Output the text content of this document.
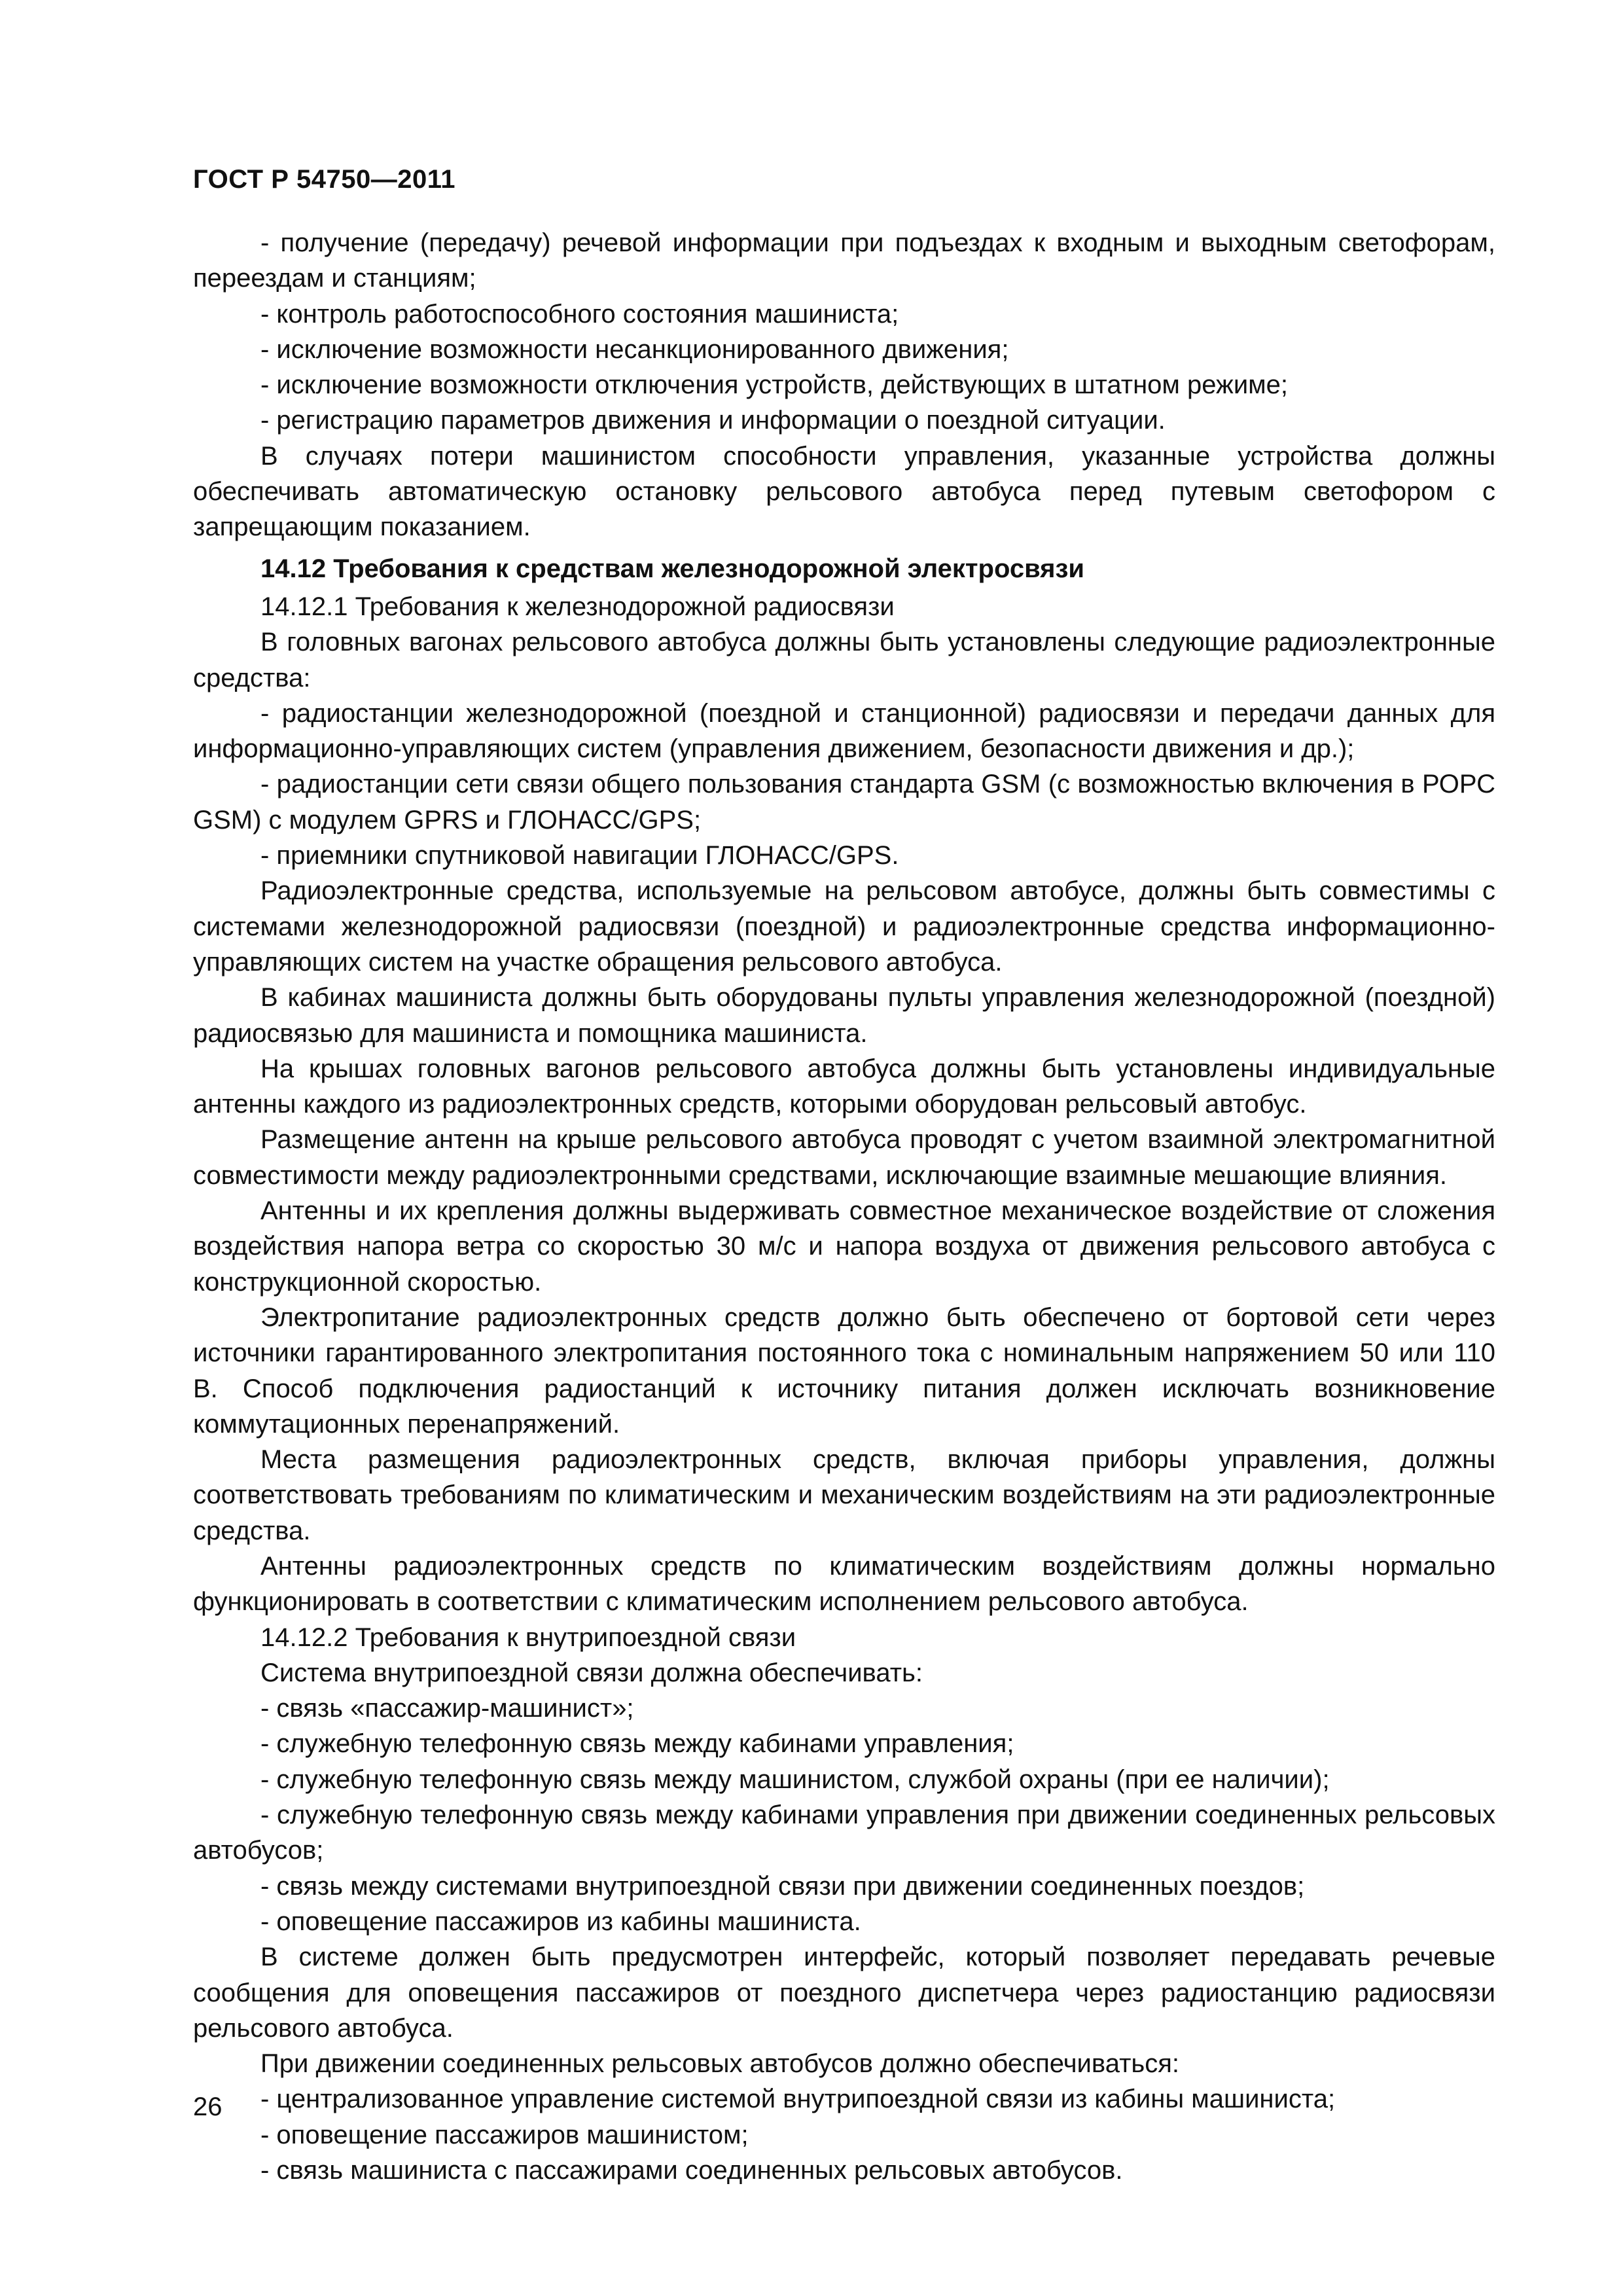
ГОСТ Р 54750—2011

- получение (передачу) речевой информации при подъездах к входным и выходным светофорам, переездам и станциям;

- контроль работоспособного состояния машиниста;

- исключение возможности несанкционированного движения;

- исключение возможности отключения устройств, действующих в штатном режиме;

- регистрацию параметров движения и информации о поездной ситуации.

В случаях потери машинистом способности управления, указанные устройства должны обеспечивать автоматическую остановку рельсового автобуса перед путевым светофором с запрещающим показанием.

14.12 Требования к средствам железнодорожной электросвязи

14.12.1 Требования к железнодорожной радиосвязи

В головных вагонах рельсового автобуса должны быть установлены следующие радиоэлектронные средства:

- радиостанции железнодорожной (поездной и станционной) радиосвязи и передачи данных для информационно-управляющих систем (управления движением, безопасности движения и др.);

- радиостанции сети связи общего пользования стандарта GSM (с возможностью включения в РОРС GSM) с модулем GPRS и ГЛОНАСС/GPS;

- приемники спутниковой навигации ГЛОНАСС/GPS.

Радиоэлектронные средства, используемые на рельсовом автобусе, должны быть совместимы с системами железнодорожной радиосвязи (поездной) и радиоэлектронные средства информационно-управляющих систем на участке обращения рельсового автобуса.

В кабинах машиниста должны быть оборудованы пульты управления железнодорожной (поездной) радиосвязью для машиниста и помощника машиниста.

На крышах головных вагонов рельсового автобуса должны быть установлены индивидуальные антенны каждого из радиоэлектронных средств, которыми оборудован рельсовый автобус.

Размещение антенн на крыше рельсового автобуса проводят с учетом взаимной электромагнитной совместимости между радиоэлектронными средствами, исключающие взаимные мешающие влияния.

Антенны и их крепления должны выдерживать совместное механическое воздействие от сложения воздействия напора ветра со скоростью 30 м/с и напора воздуха от движения рельсового автобуса с конструкционной скоростью.

Электропитание радиоэлектронных средств должно быть обеспечено от бортовой сети через источники гарантированного электропитания постоянного тока с номинальным напряжением 50 или 110 В. Способ подключения радиостанций к источнику питания должен исключать возникновение коммутационных перенапряжений.

Места размещения радиоэлектронных средств, включая приборы управления, должны соответствовать требованиям по климатическим и механическим воздействиям на эти радиоэлектронные средства.

Антенны радиоэлектронных средств по климатическим воздействиям должны нормально функционировать в соответствии с климатическим исполнением рельсового автобуса.

14.12.2 Требования к внутрипоездной связи

Система внутрипоездной связи должна обеспечивать:

- связь «пассажир-машинист»;

- служебную телефонную связь между кабинами управления;

- служебную телефонную связь между машинистом, службой охраны (при ее наличии);

- служебную телефонную связь между кабинами управления при движении соединенных рельсовых автобусов;

- связь между системами внутрипоездной связи при движении соединенных поездов;

- оповещение пассажиров из кабины машиниста.

В системе должен быть предусмотрен интерфейс, который позволяет передавать речевые сообщения для оповещения пассажиров от поездного диспетчера через радиостанцию радиосвязи рельсового автобуса.

При движении соединенных рельсовых автобусов должно обеспечиваться:

- централизованное управление системой внутрипоездной связи из кабины машиниста;

- оповещение пассажиров машинистом;

- связь машиниста с пассажирами соединенных рельсовых автобусов.

26
